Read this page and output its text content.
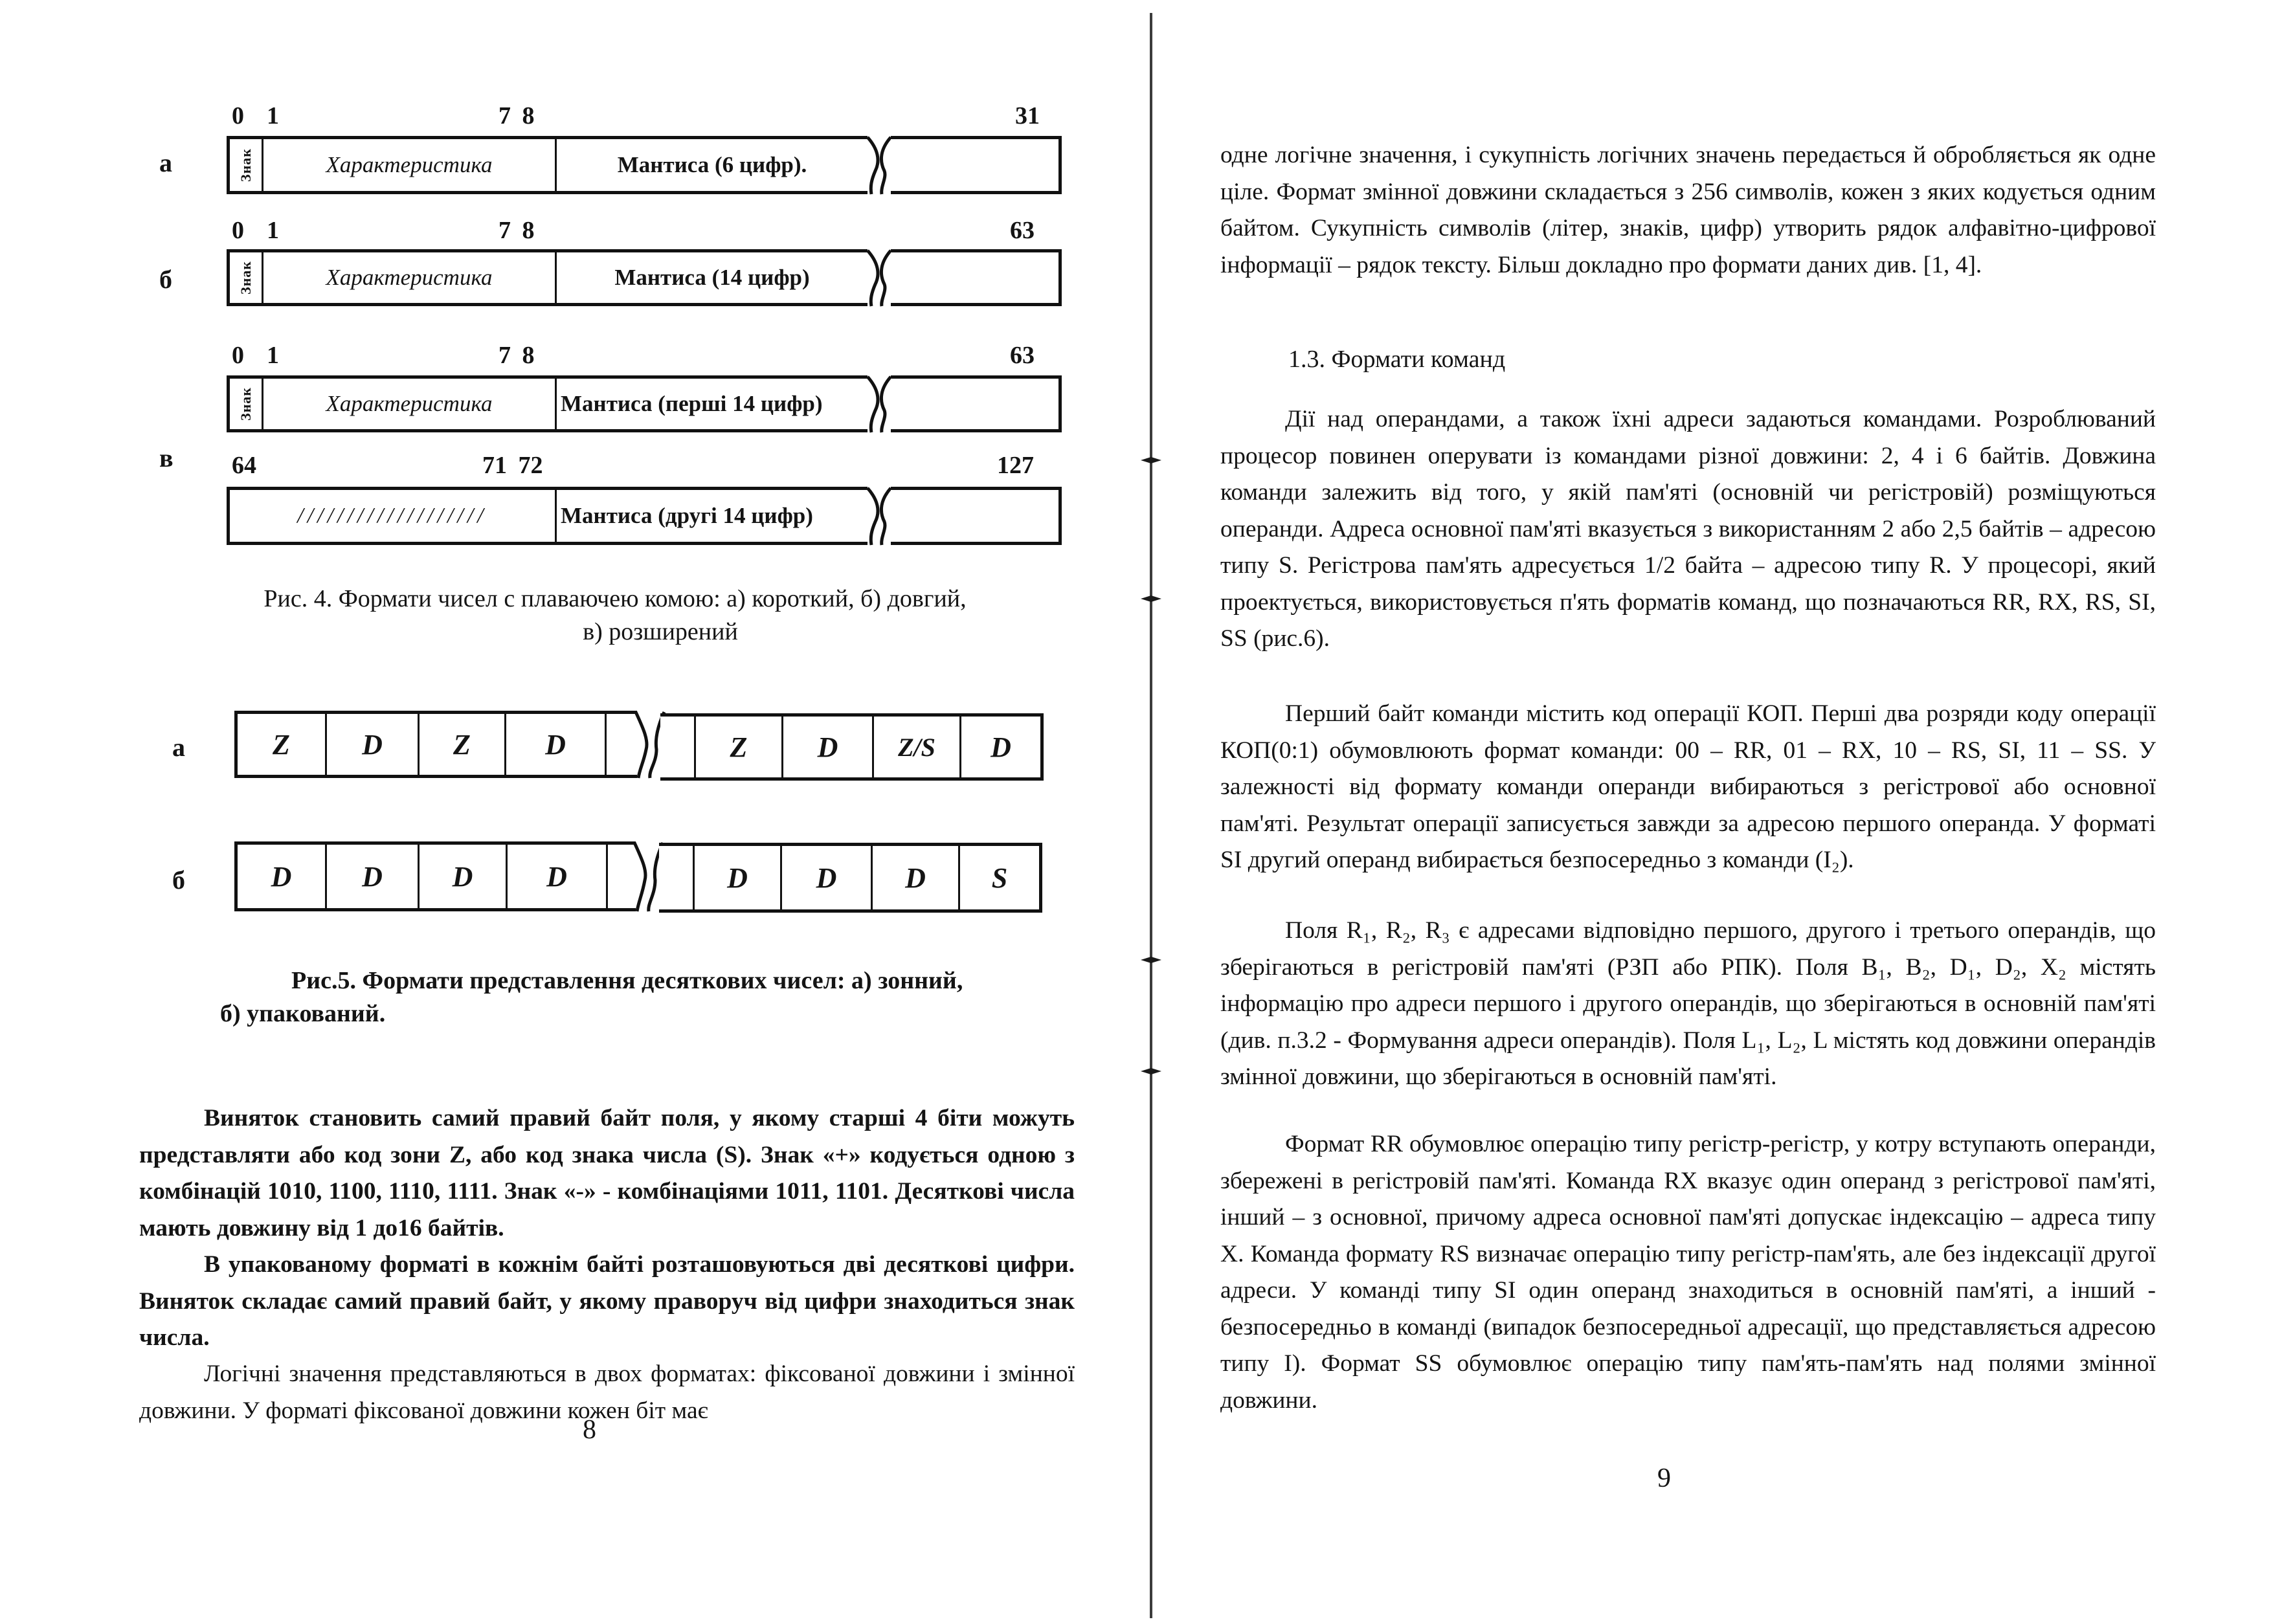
0 1	7 8	31
а	Знак	Характеристика	Мантиса (6 цифр).
0 1	7 8	63
б	Знак	Характеристика	Мантиса (14 цифр)
0 1	7 8	63
Знак	Характеристика	Мантиса (перші 14 цифр)
в 64	71 72	127
///////////////////	Мантиса (другі 14 цифр)
Рис. 4. Формати чисел с плаваючею комою: а) короткий, б) довгий,
в) розширений
а	Z	D	Z	D	Z	D	Z/S	D
б	D	D	D	D	D	D	D	S
Рис.5. Формати представлення десяткових чисел: а) зонний,
б) упакований.
Виняток становить самий правий байт поля, у якому старші 4 біти можуть представляти або код зони Z, або код знака числа (S). Знак «+» кодується одною з комбінацій 1010, 1100, 1110, 1111. Знак «-» - комбінаціями 1011, 1101. Десяткові числа мають довжину від 1 до16 байтів.
В упакованому форматі в кожнім байті розташовуються дві десяткові цифри. Виняток складає самий правий байт, у якому праворуч від цифри знаходиться знак числа.
Логічні значення представляються в двох форматах: фіксованої довжини і змінної довжини. У форматі фіксованої довжини кожен біт має
8
одне логічне значення, і сукупність логічних значень передається й обробляється як одне ціле. Формат змінної довжини складається з 256 символів, кожен з яких кодується одним байтом. Сукупність символів (літер, знаків, цифр) утворить рядок алфавітно-цифрової інформації – рядок тексту. Більш докладно про формати даних див. [1, 4].
1.3. Формати команд
Дії над операндами, а також їхні адреси задаються командами. Розроблюваний процесор повинен оперувати із командами різної довжини: 2, 4 і 6 байтів. Довжина команди залежить від того, у якій пам'яті (основній чи регістровій) розміщуються операнди. Адреса основної пам'яті вказується з використанням 2 або 2,5 байтів – адресою типу S. Регістрова пам'ять адресується 1/2 байта – адресою типу R. У процесорі, який проектується, використовується п'ять форматів команд, що позначаються RR, RX, RS, SI, SS (рис.6).
Перший байт команди містить код операції КОП. Перші два розряди коду операції КОП(0:1) обумовлюють формат команди: 00 – RR, 01 – RX, 10 – RS, SI, 11 – SS. У залежності від формату команди операнди вибираються з регістрової або основної пам'яті. Результат операції записується завжди за адресою першого операнда. У форматі SI другий операнд вибирається безпосередньо з команди (I₂).
Поля R₁, R₂, R₃ є адресами відповідно першого, другого і третього операндів, що зберігаються в регістровій пам'яті (РЗП або РПК). Поля B₁, B₂, D₁, D₂, X₂ містять інформацію про адреси першого і другого операндів, що зберігаються в основній пам'яті (див. п.3.2 - Формування адреси операндів). Поля L₁, L₂, L містять код довжини операндів змінної довжини, що зберігаються в основній пам'яті.
Формат RR обумовлює операцію типу регістр-регістр, у котру вступають операнди, збережені в регістровій пам'яті. Команда RX вказує один операнд з регістрової пам'яті, інший – з основної, причому адреса основної пам'яті допускає індексацію – адреса типу X. Команда формату RS визначає операцію типу регістр-пам'ять, але без індексації другої адреси. У команді типу SI один операнд знаходиться в основній пам'яті, а інший - безпосередньо в команді (випадок безпосередньої адресації, що представляється адресою типу I). Формат SS обумовлює операцію типу пам'ять-пам'ять над полями змінної довжини.
9
